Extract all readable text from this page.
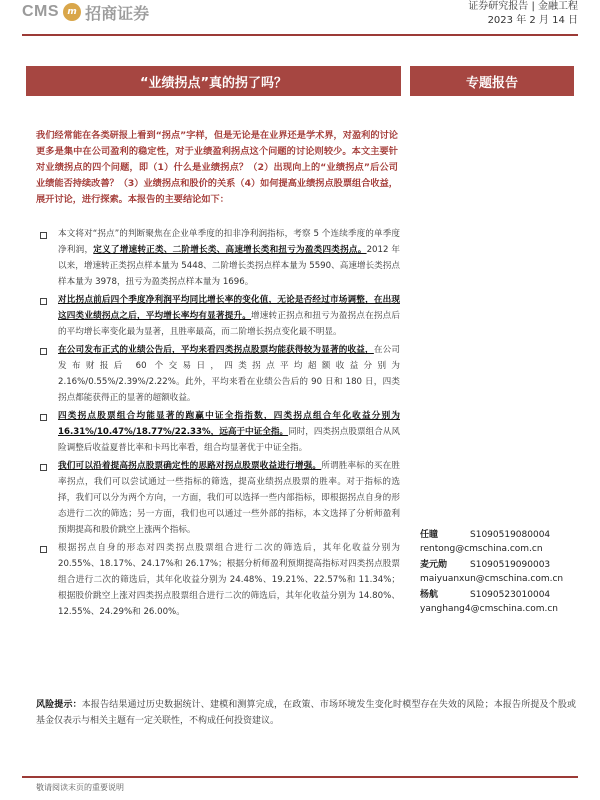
CMS m 招商证券	证券研究报告 | 金融工程
2023 年 2 月 14 日
“业绩拐点”真的拐了吗？	专题报告
我们经常能在各类研报上看到“拐点”字样，但是无论是在业界还是学术界，对盈利的讨论更多是集中在公司盈利的稳定性，对于业绩盈利拐点这个问题的讨论则较少。本文主要针对业绩拐点的四个问题，即（1）什么是业绩拐点？（2）出现向上的“业绩拐点”后公司业绩能否持续改善？（3）业绩拐点和股价的关系（4）如何提高业绩拐点股票组合收益，展开讨论，进行探索。本报告的主要结论如下：
本文将对“拐点”的判断聚焦在企业单季度的扣非净利润指标，考察 5 个连续季度的单季度净利润，定义了增速转正类、二阶增长类、高速增长类和扭亏为盈类四类拐点。2012 年以来，增速转正类拐点样本量为 5448、二阶增长类拐点样本量为 5590、高速增长类拐点样本量为 3978，扭亏为盈类拐点样本量为 1696。
对比拐点前后四个季度净利润平均同比增长率的变化值，无论是否经过市场调整，在出现这四类业绩拐点之后，平均增长率均有显著提升。增速转正拐点和扭亏为盈拐点在拐点后的平均增长率变化最为显著，且胜率最高，而二阶增长拐点变化最不明显。
在公司发布正式的业绩公告后，平均来看四类拐点股票均能获得较为显著的收益，在公司发布财报后 60 个交易日，四类拐点平均超额收益分别为 2.16%/0.55%/2.39%/2.22%。此外，平均来看在业绩公告后的 90 日和 180 日，四类拐点都能获得正的显著的超额收益。
四类拐点股票组合均能显著的跑赢中证全指指数，四类拐点组合年化收益分别为 16.31%/10.47%/18.77%/22.33%，远高于中证全指。同时，四类拐点股票组合从风险调整后收益夏普比率和卡玛比率看，组合均显著优于中证全指。
我们可以沿着提高拐点股票确定性的思路对拐点股票收益进行增强。所谓胜率标的买在胜率拐点，我们可以尝试通过一些指标的筛选，提高业绩拐点股票的胜率。对于指标的选择，我们可以分为两个方向，一方面，我们可以选择一些内部指标，即根据拐点自身的形态进行二次的筛选；另一方面，我们也可以通过一些外部的指标，本文选择了分析师盈利预期提高和股价跳空上涨两个指标。
根据拐点自身的形态对四类拐点股票组合进行二次的筛选后，其年化收益分别为 20.55%、18.17%、24.17%和 26.17%；根据分析师盈利预期提高指标对四类拐点股票组合进行二次的筛选后，其年化收益分别为 24.48%、19.21%、22.57%和 11.34%；根据股价跳空上涨对四类拐点股票组合进行二次的筛选后，其年化收益分别为 14.80%、12.55%、24.29%和 26.00%。
任瞳	S1090519080004
rentong@cmschina.com.cn
麦元勋	S1090519090003
maiyuanxun@cmschina.com.cn
杨航	S1090523010004
yanghang4@cmschina.com.cn
风险提示：本报告结果通过历史数据统计、建模和测算完成，在政策、市场环境发生变化时模型存在失效的风险；本报告所提及个股或基金仅表示与相关主题有一定关联性，不构成任何投资建议。
敬请阅读末页的重要说明
